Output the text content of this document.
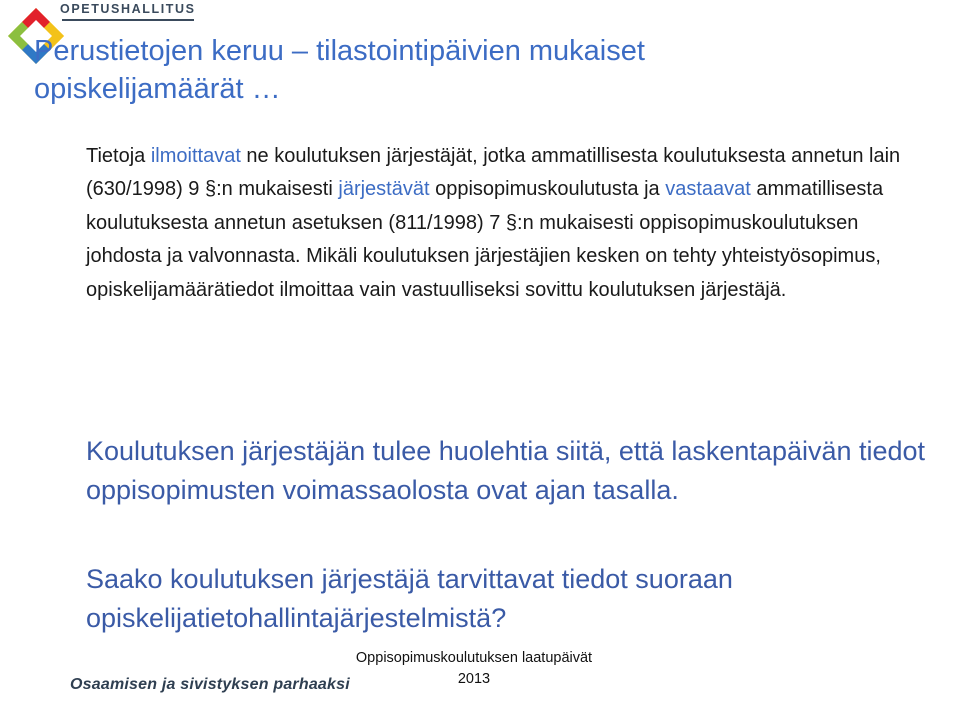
OPETUSHALLITUS
Perustietojen keruu – tilastointipäivien mukaiset opiskelijamäärät …

Tietoja ilmoittavat ne koulutuksen järjestäjät, jotka ammatillisesta koulutuksesta annetun lain (630/1998) 9 §:n mukaisesti järjestävät oppisopimuskoulutusta ja vastaavat ammatillisesta koulutuksesta annetun asetuksen (811/1998) 7 §:n mukaisesti oppisopimuskoulutuksen johdosta ja valvonnasta. Mikäli koulutuksen järjestäjien kesken on tehty yhteistyösopimus, opiskelijamäärätiedot ilmoittaa vain vastuulliseksi sovittu koulutuksen järjestäjä.

Koulutuksen järjestäjän tulee huolehtia siitä, että laskentapäivän tiedot oppisopimusten voimassaolosta ovat ajan tasalla.

Saako koulutuksen järjestäjä tarvittavat tiedot suoraan opiskelijatietohallintajärjestelmistä?

Osaamisen ja sivistyksen parhaaksi
Oppisopimuskoulutuksen laatupäivät
2013
